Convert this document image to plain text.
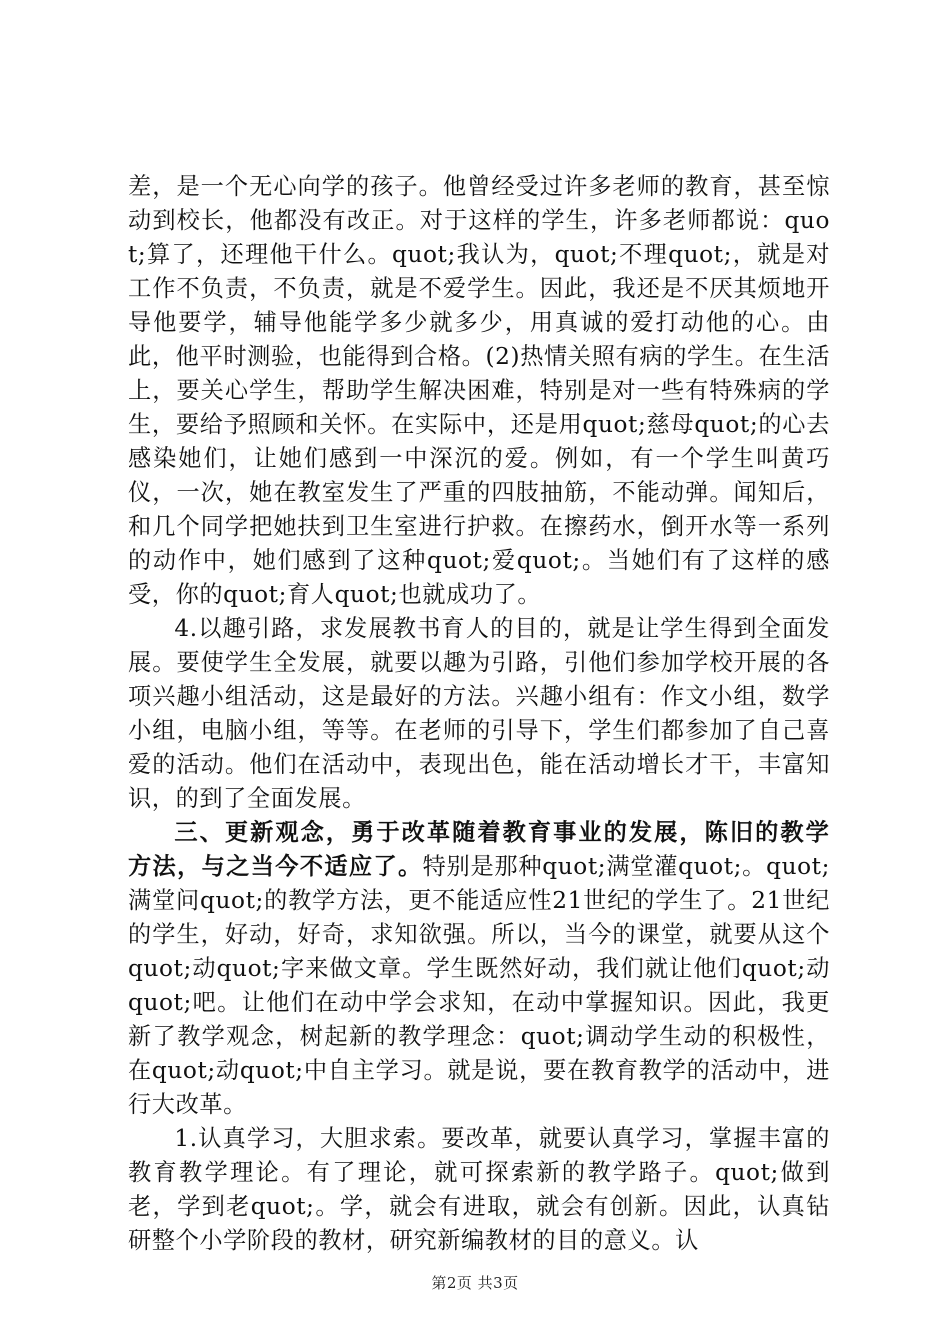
差，是一个无心向学的孩子。他曾经受过许多老师的教育，甚至惊动到校长，他都没有改正。对于这样的学生，许多老师都说：quot;算了，还理他干什么。quot;我认为，quot;不理quot;，就是对工作不负责，不负责，就是不爱学生。因此，我还是不厌其烦地开导他要学，辅导他能学多少就多少，用真诚的爱打动他的心。由此，他平时测验，也能得到合格。(2)热情关照有病的学生。在生活上，要关心学生，帮助学生解决困难，特别是对一些有特殊病的学生，要给予照顾和关怀。在实际中，还是用quot;慈母quot;的心去感染她们，让她们感到一中深沉的爱。例如，有一个学生叫黄巧仪，一次，她在教室发生了严重的四肢抽筋，不能动弹。闻知后，和几个同学把她扶到卫生室进行护救。在擦药水，倒开水等一系列的动作中，她们感到了这种quot;爱quot;。当她们有了这样的感受，你的quot;育人quot;也就成功了。

4.以趣引路，求发展教书育人的目的，就是让学生得到全面发展。要使学生全发展，就要以趣为引路，引他们参加学校开展的各项兴趣小组活动，这是最好的方法。兴趣小组有：作文小组，数学小组，电脑小组，等等。在老师的引导下，学生们都参加了自己喜爱的活动。他们在活动中，表现出色，能在活动增长才干，丰富知识，的到了全面发展。

三、更新观念，勇于改革随着教育事业的发展，陈旧的教学方法，与之当今不适应了。特别是那种quot;满堂灌quot;。quot;满堂问quot;的教学方法，更不能适应性21世纪的学生了。21世纪的学生，好动，好奇，求知欲强。所以，当今的课堂，就要从这个quot;动quot;字来做文章。学生既然好动，我们就让他们quot;动quot;吧。让他们在动中学会求知，在动中掌握知识。因此，我更新了教学观念，树起新的教学理念：quot;调动学生动的积极性，在quot;动quot;中自主学习。就是说，要在教育教学的活动中，进行大改革。

1.认真学习，大胆求索。要改革，就要认真学习，掌握丰富的教育教学理论。有了理论，就可探索新的教学路子。quot;做到老，学到老quot;。学，就会有进取，就会有创新。因此，认真钻研整个小学阶段的教材，研究新编教材的目的意义。认

第2页 共3页
